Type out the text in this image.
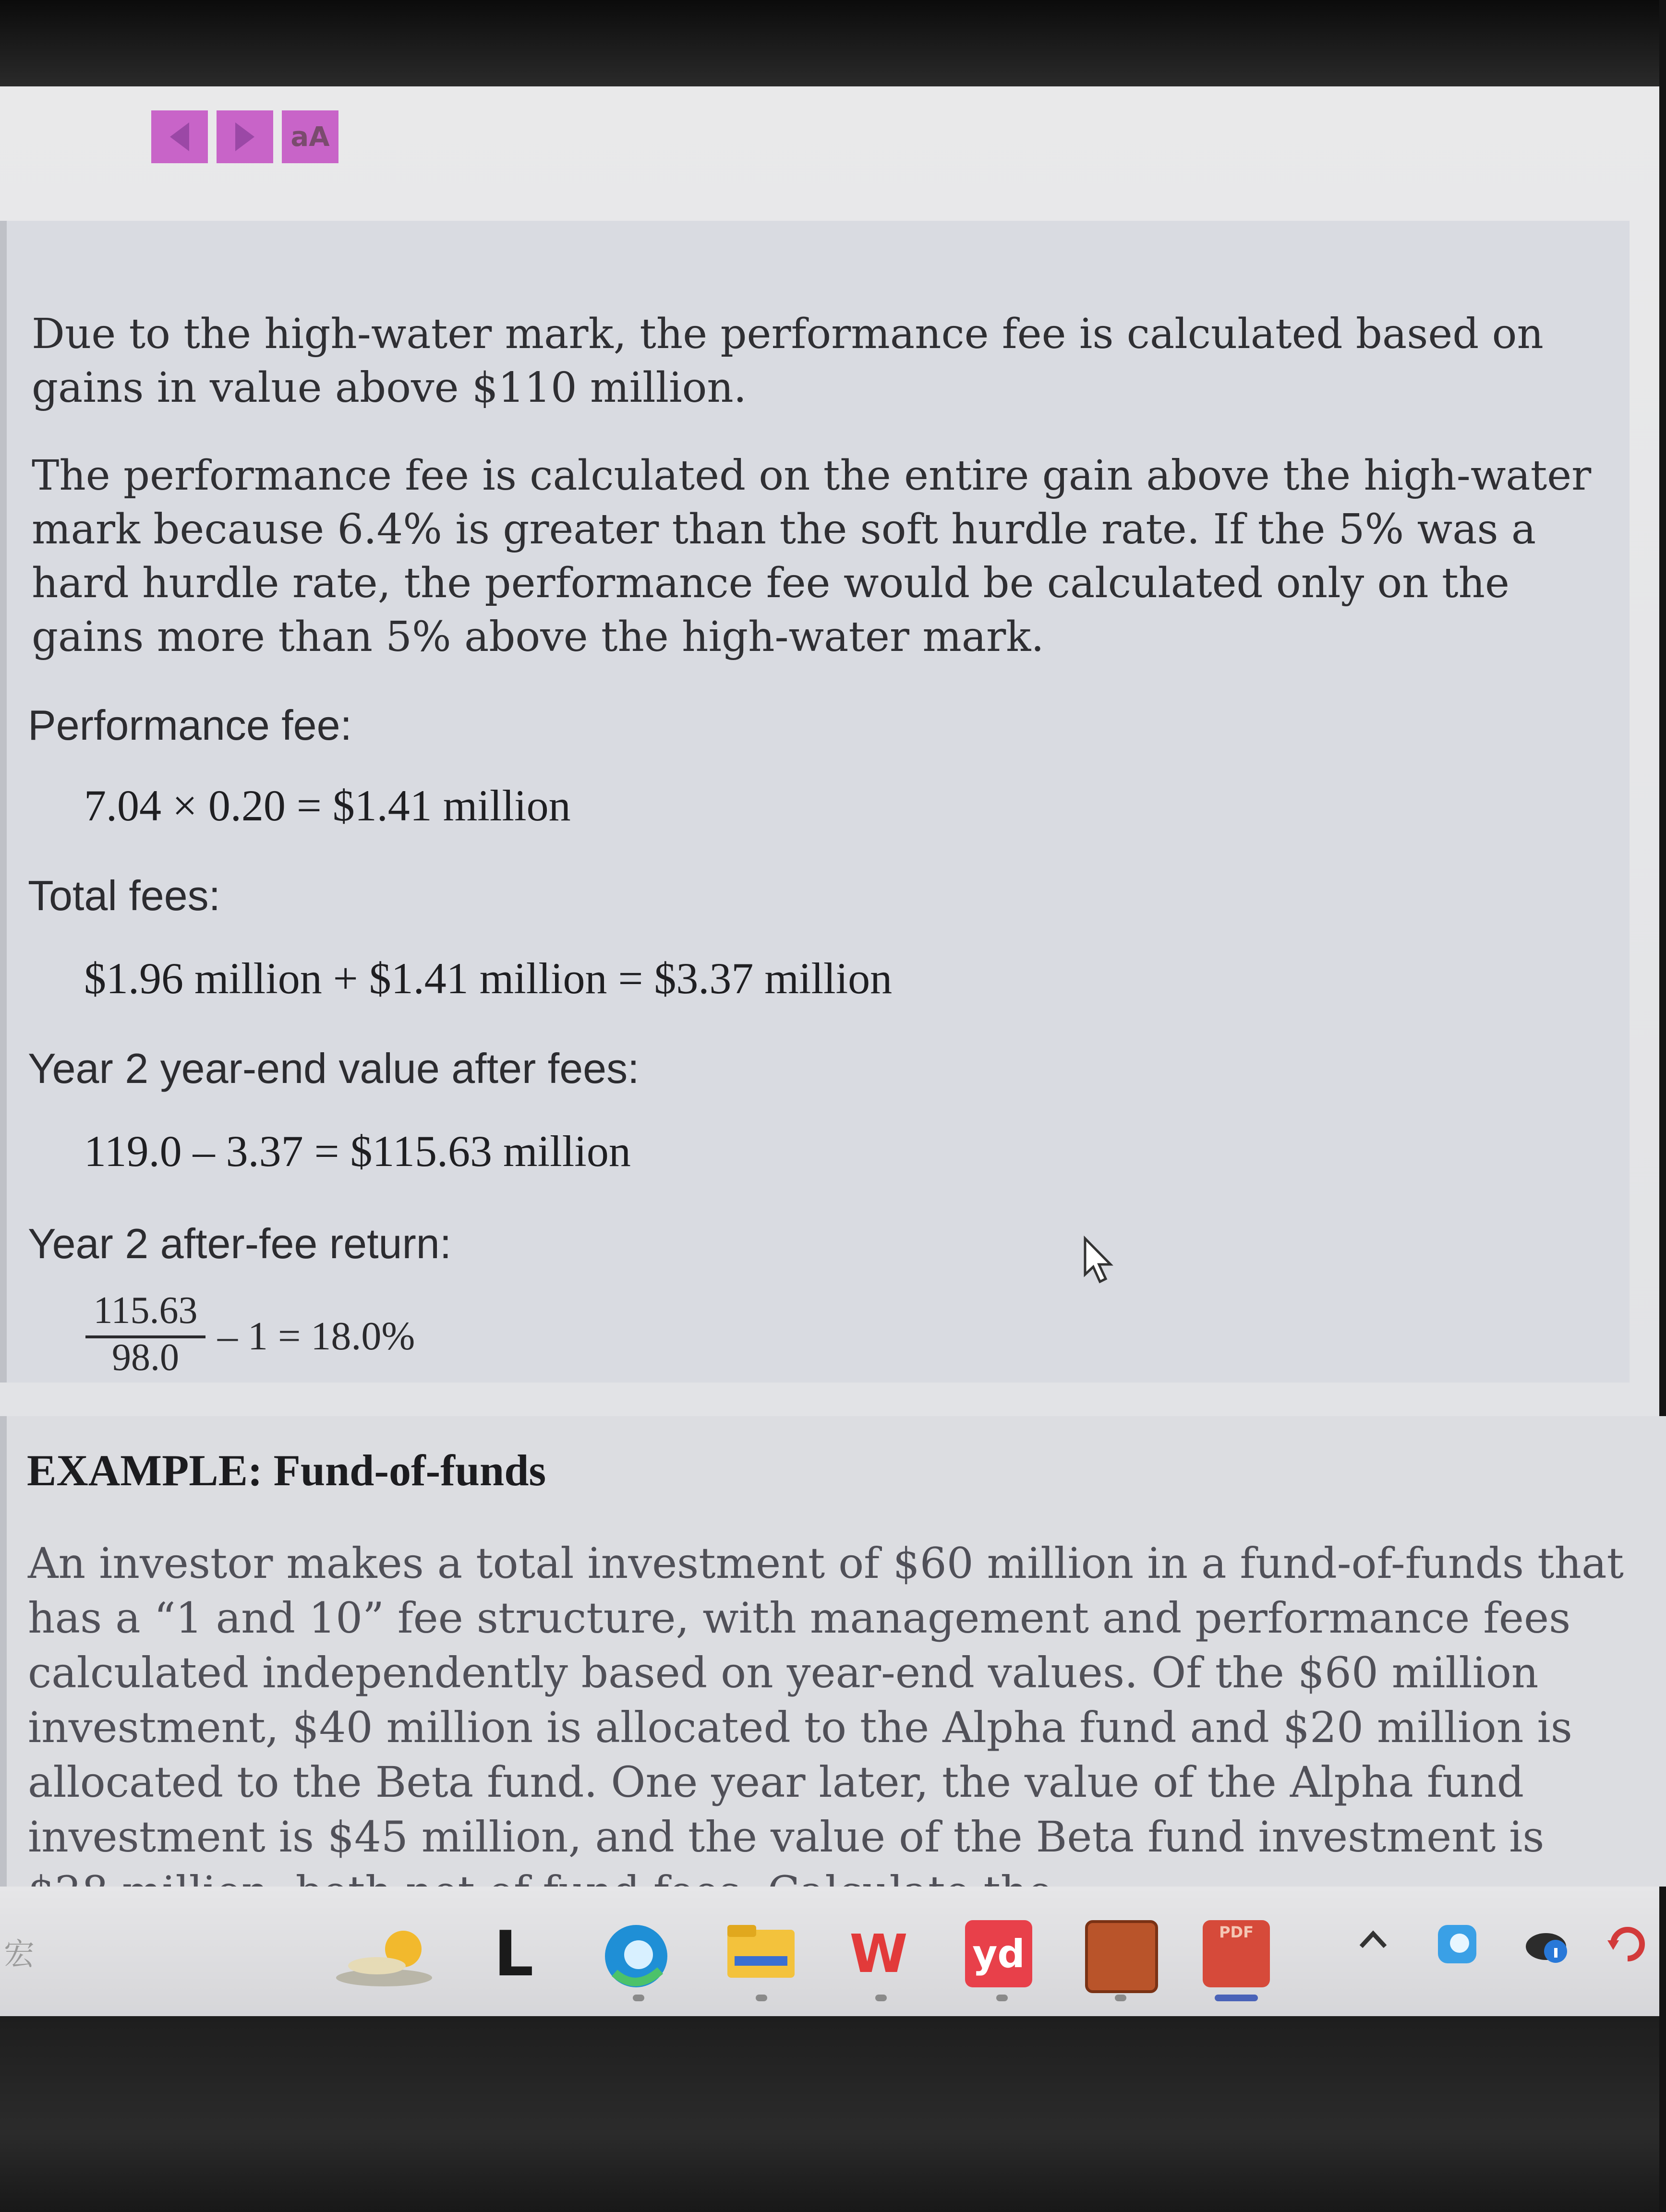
aA
Due to the high-water mark, the performance fee is calculated based on gains in value above $110 million.
The performance fee is calculated on the entire gain above the high-water mark because 6.4% is greater than the soft hurdle rate. If the 5% was a hard hurdle rate, the performance fee would be calculated only on the gains more than 5% above the high-water mark.
Performance fee:
7.04 × 0.20 = $1.41 million
Total fees:
$1.96 million + $1.41 million = $3.37 million
Year 2 year-end value after fees:
119.0 – 3.37 = $115.63 million
Year 2 after-fee return:
115.63
98.0 – 1 = 18.0%
EXAMPLE: Fund-of-funds
An investor makes a total investment of $60 million in a fund-of-funds that has a “1 and 10” fee structure, with management and performance fees calculated independently based on year-end values. Of the $60 million investment, $40 million is allocated to the Alpha fund and $20 million is allocated to the Beta fund. One year later, the value of the Alpha fund investment is $45 million, and the value of the Beta fund investment is
宏	L	W yd	PDF
